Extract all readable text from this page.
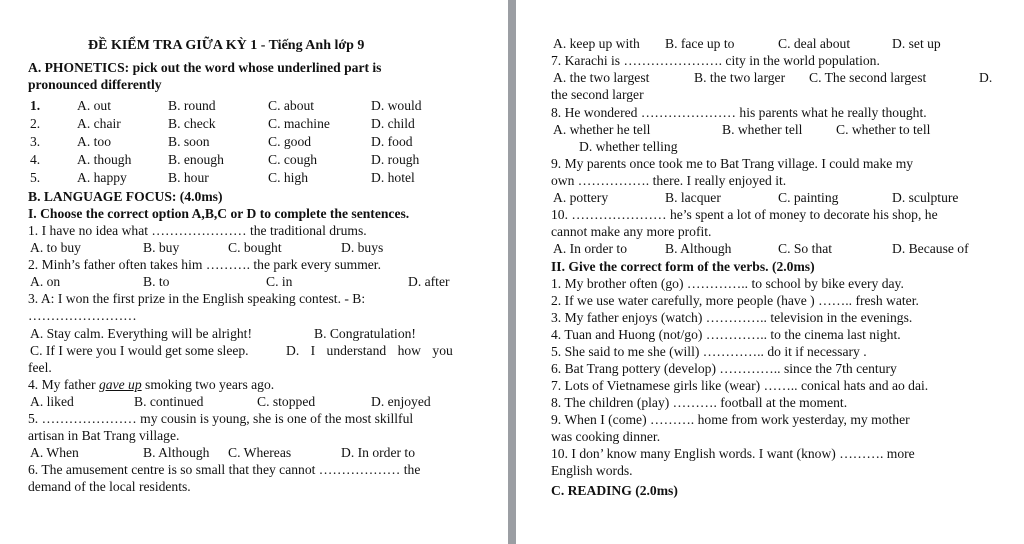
ĐỀ KIỂM TRA GIỮA KỲ 1 - Tiếng Anh lớp 9
A. PHONETICS: pick out the word whose underlined part is
pronounced differently
1.	A. out	B. round	C. about	D. would
2.	A. chair	B. check	C. machine	D. child
3.	A. too	B. soon	C. good	D. food
4.	A. though	B. enough	C. cough	D. rough
5.	A. happy	B. hour	C. high	D. hotel
B. LANGUAGE FOCUS: (4.0ms)
I. Choose the correct option A,B,C or D to complete the sentences.
1. I have no idea what ………………… the traditional drums.
A. to buy	B. buy	C. bought	D. buys
2. Minh’s father often takes him ………. the park every summer.
A. on	B. to	C. in	D. after
3. A: I won the first prize in the English speaking contest. - B:
……………………
A. Stay calm. Everything will be alright!	B. Congratulation!
C. If I were you I would get some sleep.	D. I understand how you
feel.
4. My father gave up smoking two years ago.
A. liked	B. continued	C. stopped	D. enjoyed
5. ………………… my cousin is young, she is one of the most skillful
artisan in Bat Trang village.
A. When	B. Although C. Whereas	D. In order to
6. The amusement centre is so small that they cannot ……………… the
demand of the local residents.
A. keep up with B. face up to	C. deal about	D. set up
7. Karachi is …………………. city in the world population.
A. the two largest	B. the two larger C. The second largest	D.
the second larger
8. He wondered ………………… his parents what he really thought.
A. whether he tell	B. whether tell C. whether to tell
D. whether telling
9. My parents once took me to Bat Trang village. I could make my
own ……………. there. I really enjoyed it.
A. pottery	B. lacquer	C. painting	D. sculpture
10. ………………… he’s spent a lot of money to decorate his shop, he
cannot make any more profit.
A. In order to	B. Although	C. So that	D. Because of
II. Give the correct form of the verbs. (2.0ms)
1. My brother often (go) ………….. to school by bike every day.
2. If we use water carefully, more people (have ) …….. fresh water.
3. My father enjoys (watch) ………….. television in the evenings.
4. Tuan and Huong (not/go) ………….. to the cinema last night.
5. She said to me she (will) ………….. do it if necessary .
6. Bat Trang pottery (develop) ………….. since the 7th century
7. Lots of Vietnamese girls like (wear) …….. conical hats and ao dai.
8. The children (play) ………. football at the moment.
9. When I (come) ………. home from work yesterday, my mother
was cooking dinner.
10. I don’ know many English words. I want (know) ………. more
English words.
C. READING (2.0ms)
